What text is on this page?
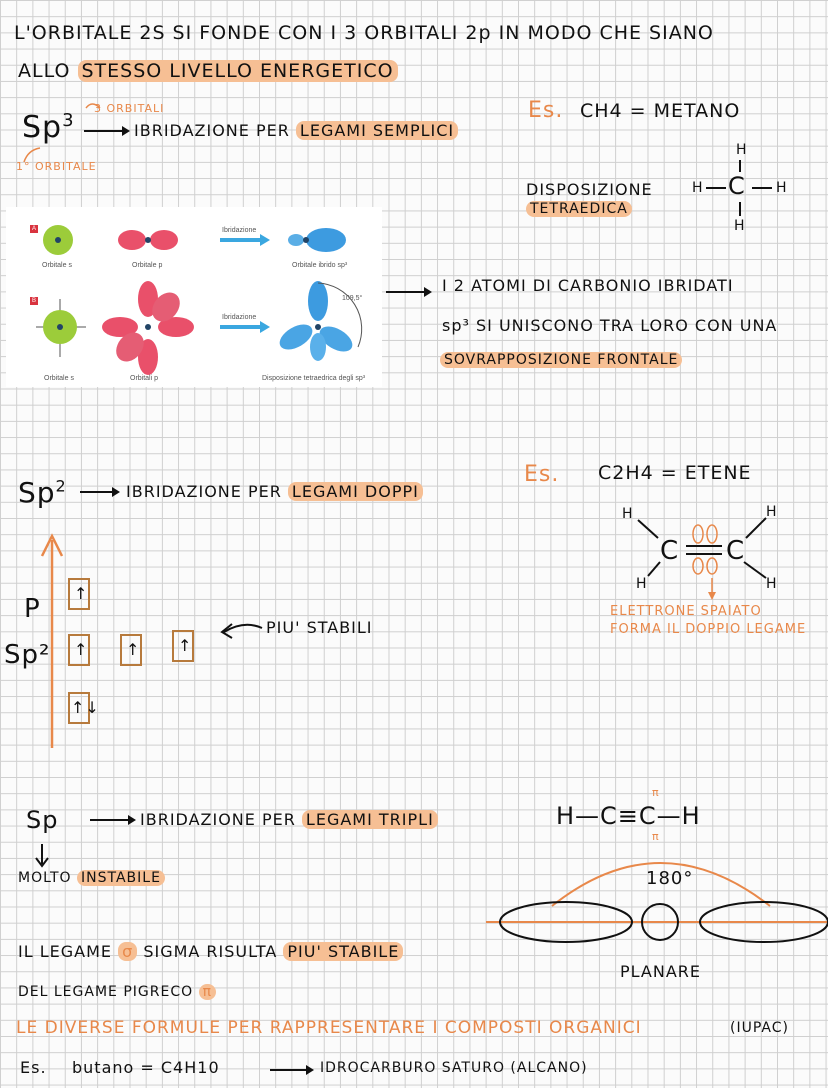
L'ORBITALE 2S SI FONDE CON I 3 ORBITALI 2p IN MODO CHE SIANO
ALLO STESSO LIVELLO ENERGETICO
Sp$^3$
3 ORBITALI
1° ORBITALE
IBRIDAZIONE PER LEGAMI SEMPLICI
Es. CH4 = METANO
DISPOSIZIONE
TETRAEDICA
H
H C H
H
A
B
Orbitale s	Orbitale p	Orbitale ibrido sp³
Ibridazione
Ibridazione
Orbitale s	Orbitali p	Disposizione tetraedrica degli sp³
109,5°
I 2 ATOMI DI CARBONIO IBRIDATI
sp³ SI UNISCONO TRA LORO CON UNA
SOVRAPPOSIZIONE FRONTALE
Sp$^2$	IBRIDAZIONE PER LEGAMI DOPPI
Es. C2H4 = ETENE
H	H
H	H
C C
ELETTRONE SPAIATO
FORMA IL DOPPIO LEGAME
P
Sp²
↑
↑ ↑ ↑
↑↓
PIU' STABILI
Sp	IBRIDAZIONE PER LEGAMI TRIPLI
MOLTO INSTABILE
H—C≡C—H
π
π
180°
PLANARE
IL LEGAME σ SIGMA RISULTA PIU' STABILE
DEL LEGAME PIGRECO π
LE DIVERSE FORMULE PER RAPPRESENTARE I COMPOSTI ORGANICI	(IUPAC)
Es. butano = C4H10	IDROCARBURO SATURO (ALCANO)
